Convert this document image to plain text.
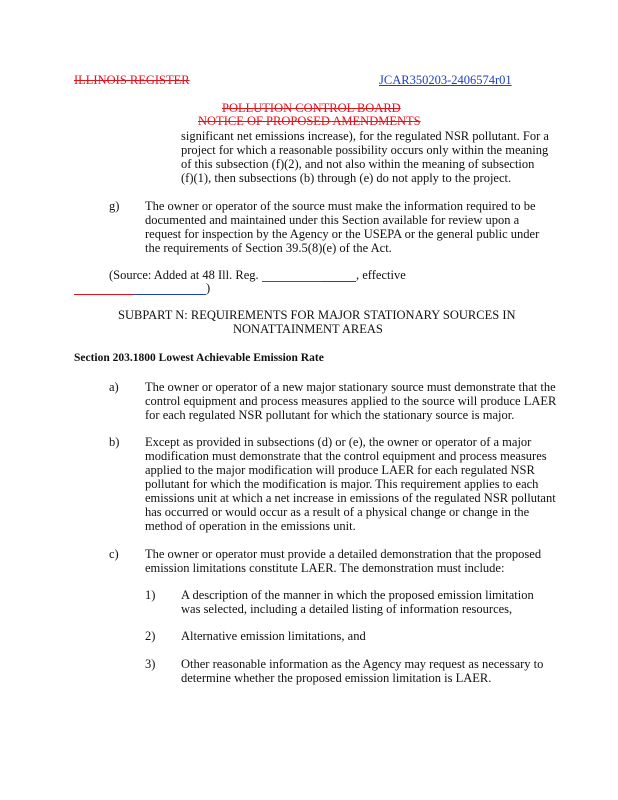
ILLINOIS REGISTER	JCAR350203-2406574r01
POLLUTION CONTROL BOARD
NOTICE OF PROPOSED AMENDMENTS
significant net emissions increase), for the regulated NSR pollutant. For a
project for which a reasonable possibility occurs only within the meaning
of this subsection (f)(2), and not also within the meaning of subsection
(f)(1), then subsections (b) through (e) do not apply to the project.
g) The owner or operator of the source must make the information required to be
documented and maintained under this Section available for review upon a
request for inspection by the Agency or the USEPA or the general public under
the requirements of Section 39.5(8)(e) of the Act.
(Source: Added at 48 Ill. Reg.	, effective
)
SUBPART N: REQUIREMENTS FOR MAJOR STATIONARY SOURCES IN
NONATTAINMENT AREAS
Section 203.1800 Lowest Achievable Emission Rate
a) The owner or operator of a new major stationary source must demonstrate that the
control equipment and process measures applied to the source will produce LAER
for each regulated NSR pollutant for which the stationary source is major.
b) Except as provided in subsections (d) or (e), the owner or operator of a major
modification must demonstrate that the control equipment and process measures
applied to the major modification will produce LAER for each regulated NSR
pollutant for which the modification is major. This requirement applies to each
emissions unit at which a net increase in emissions of the regulated NSR pollutant
has occurred or would occur as a result of a physical change or change in the
method of operation in the emissions unit.
c) The owner or operator must provide a detailed demonstration that the proposed
emission limitations constitute LAER. The demonstration must include:
1) A description of the manner in which the proposed emission limitation
was selected, including a detailed listing of information resources,
2) Alternative emission limitations, and
3) Other reasonable information as the Agency may request as necessary to
determine whether the proposed emission limitation is LAER.
